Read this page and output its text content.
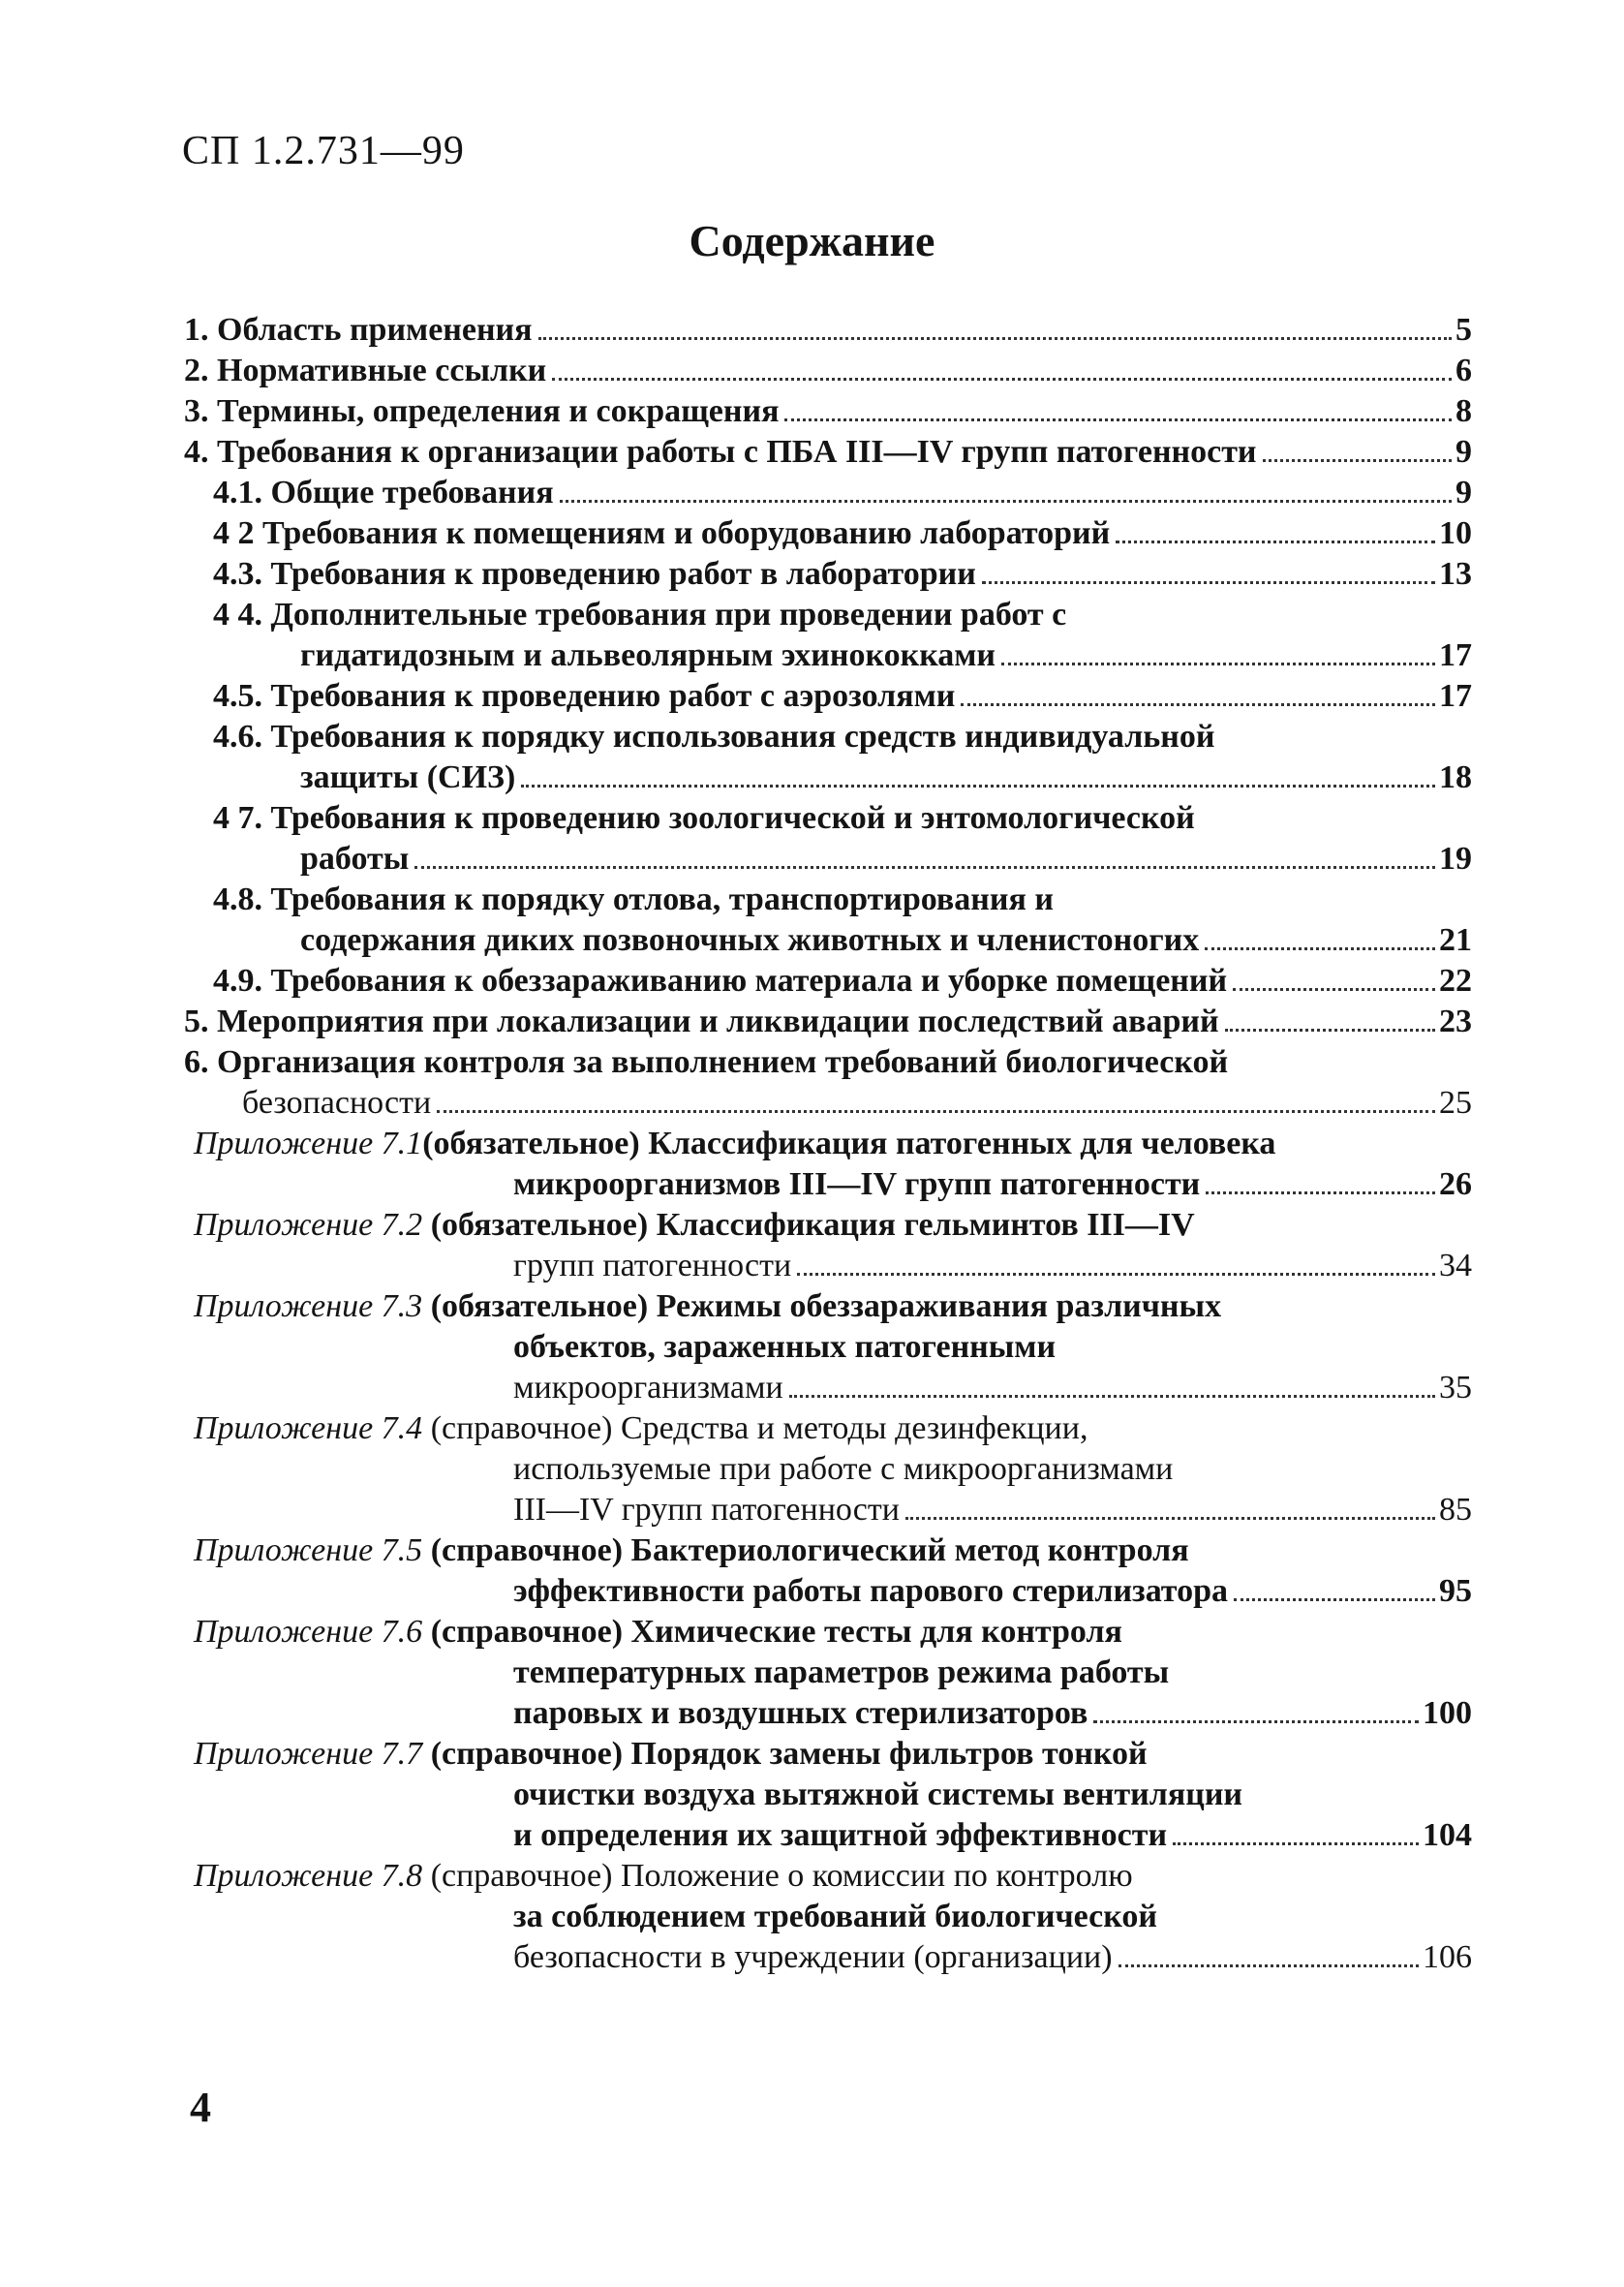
СП 1.2.731—99
Содержание
1. Область применения	5
2. Нормативные ссылки	6
3. Термины, определения и сокращения	8
4. Требования к организации работы с ПБА III—IV групп патогенности	9
4.1. Общие требования	9
4 2 Требования к помещениям и оборудованию лабораторий	10
4.3. Требования к проведению работ в лаборатории	13
4 4. Дополнительные требования при проведении работ с
гидатидозным и альвеолярным эхинококками	17
4.5. Требования к проведению работ с аэрозолями	17
4.6. Требования к порядку использования средств индивидуальной
защиты (СИЗ)	18
4 7. Требования к проведению зоологической и энтомологической
работы	19
4.8. Требования к порядку отлова, транспортирования и
содержания диких позвоночных животных и членистоногих	21
4.9. Требования к обеззараживанию материала и уборке помещений	22
5. Мероприятия при локализации и ликвидации последствий аварий	23
6. Организация контроля за выполнением требований биологической
безопасности	25
Приложение 7.1(обязательное) Классификация патогенных для человека
микроорганизмов III—IV групп патогенности	26
Приложение 7.2 (обязательное) Классификация гельминтов III—IV
групп патогенности	34
Приложение 7.3 (обязательное) Режимы обеззараживания различных
объектов, зараженных патогенными
микроорганизмами	35
Приложение 7.4 (справочное) Средства и методы дезинфекции,
используемые при работе с микроорганизмами
III—IV групп патогенности	85
Приложение 7.5 (справочное) Бактериологический метод контроля
эффективности работы парового стерилизатора	95
Приложение 7.6 (справочное) Химические тесты для контроля
температурных параметров режима работы
паровых и воздушных стерилизаторов	100
Приложение 7.7 (справочное) Порядок замены фильтров тонкой
очистки воздуха вытяжной системы вентиляции
и определения их защитной эффективности	104
Приложение 7.8 (справочное) Положение о комиссии по контролю
за соблюдением требований биологической
безопасности в учреждении (организации)	106
4
